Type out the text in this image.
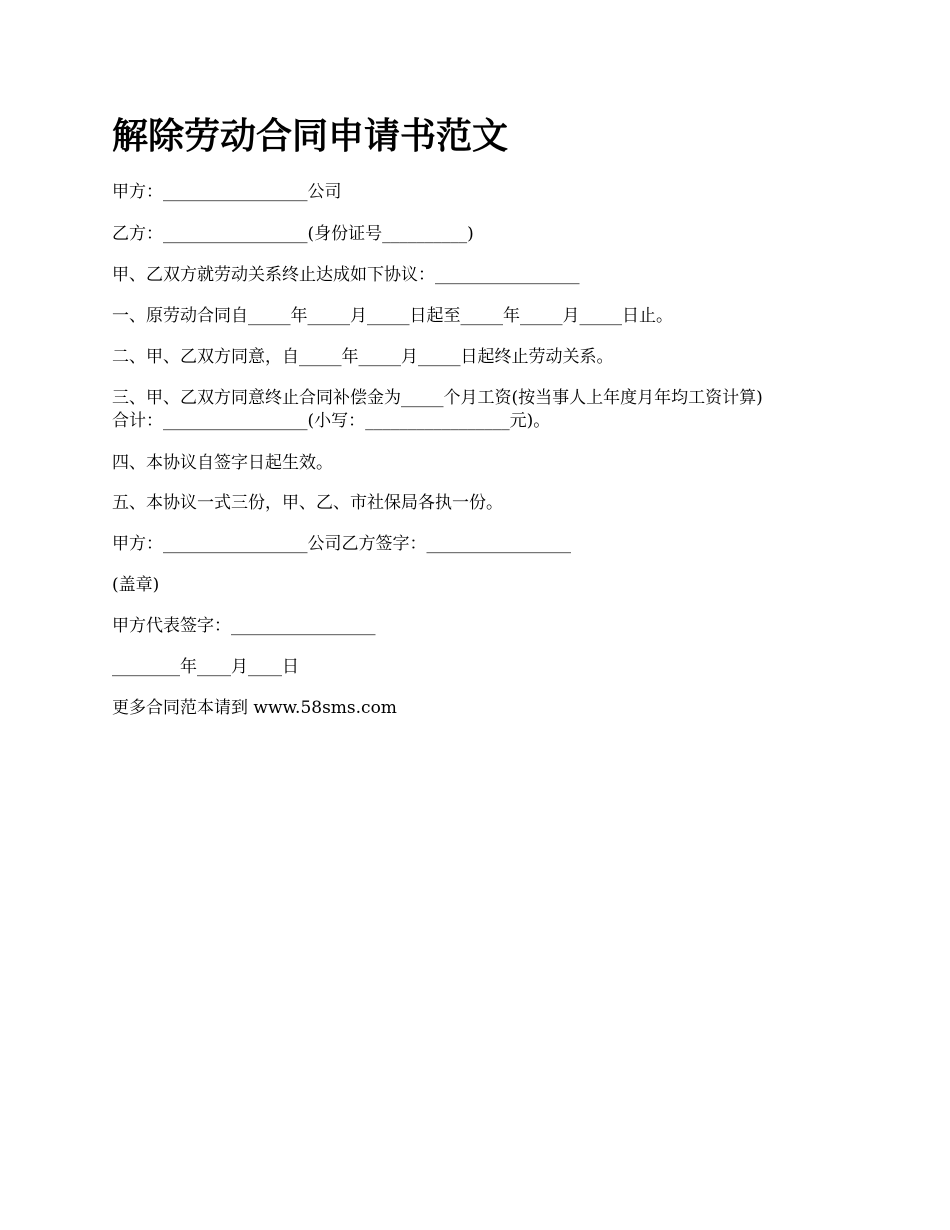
解除劳动合同申请书范文

甲方：_________________公司

乙方：_________________(身份证号__________)

甲、乙双方就劳动关系终止达成如下协议：_________________

一、原劳动合同自_____年_____月_____日起至_____年_____月_____日止。

二、甲、乙双方同意，自_____年_____月_____日起终止劳动关系。

三、甲、乙双方同意终止合同补偿金为_____个月工资(按当事人上年度月年均工资计算)

合计：_________________(小写：_________________元)。

四、本协议自签字日起生效。

五、本协议一式三份，甲、乙、市社保局各执一份。

甲方：_________________公司乙方签字：_________________

(盖章)

甲方代表签字：_________________

________年____月____日

更多合同范本请到 www.58sms.com
